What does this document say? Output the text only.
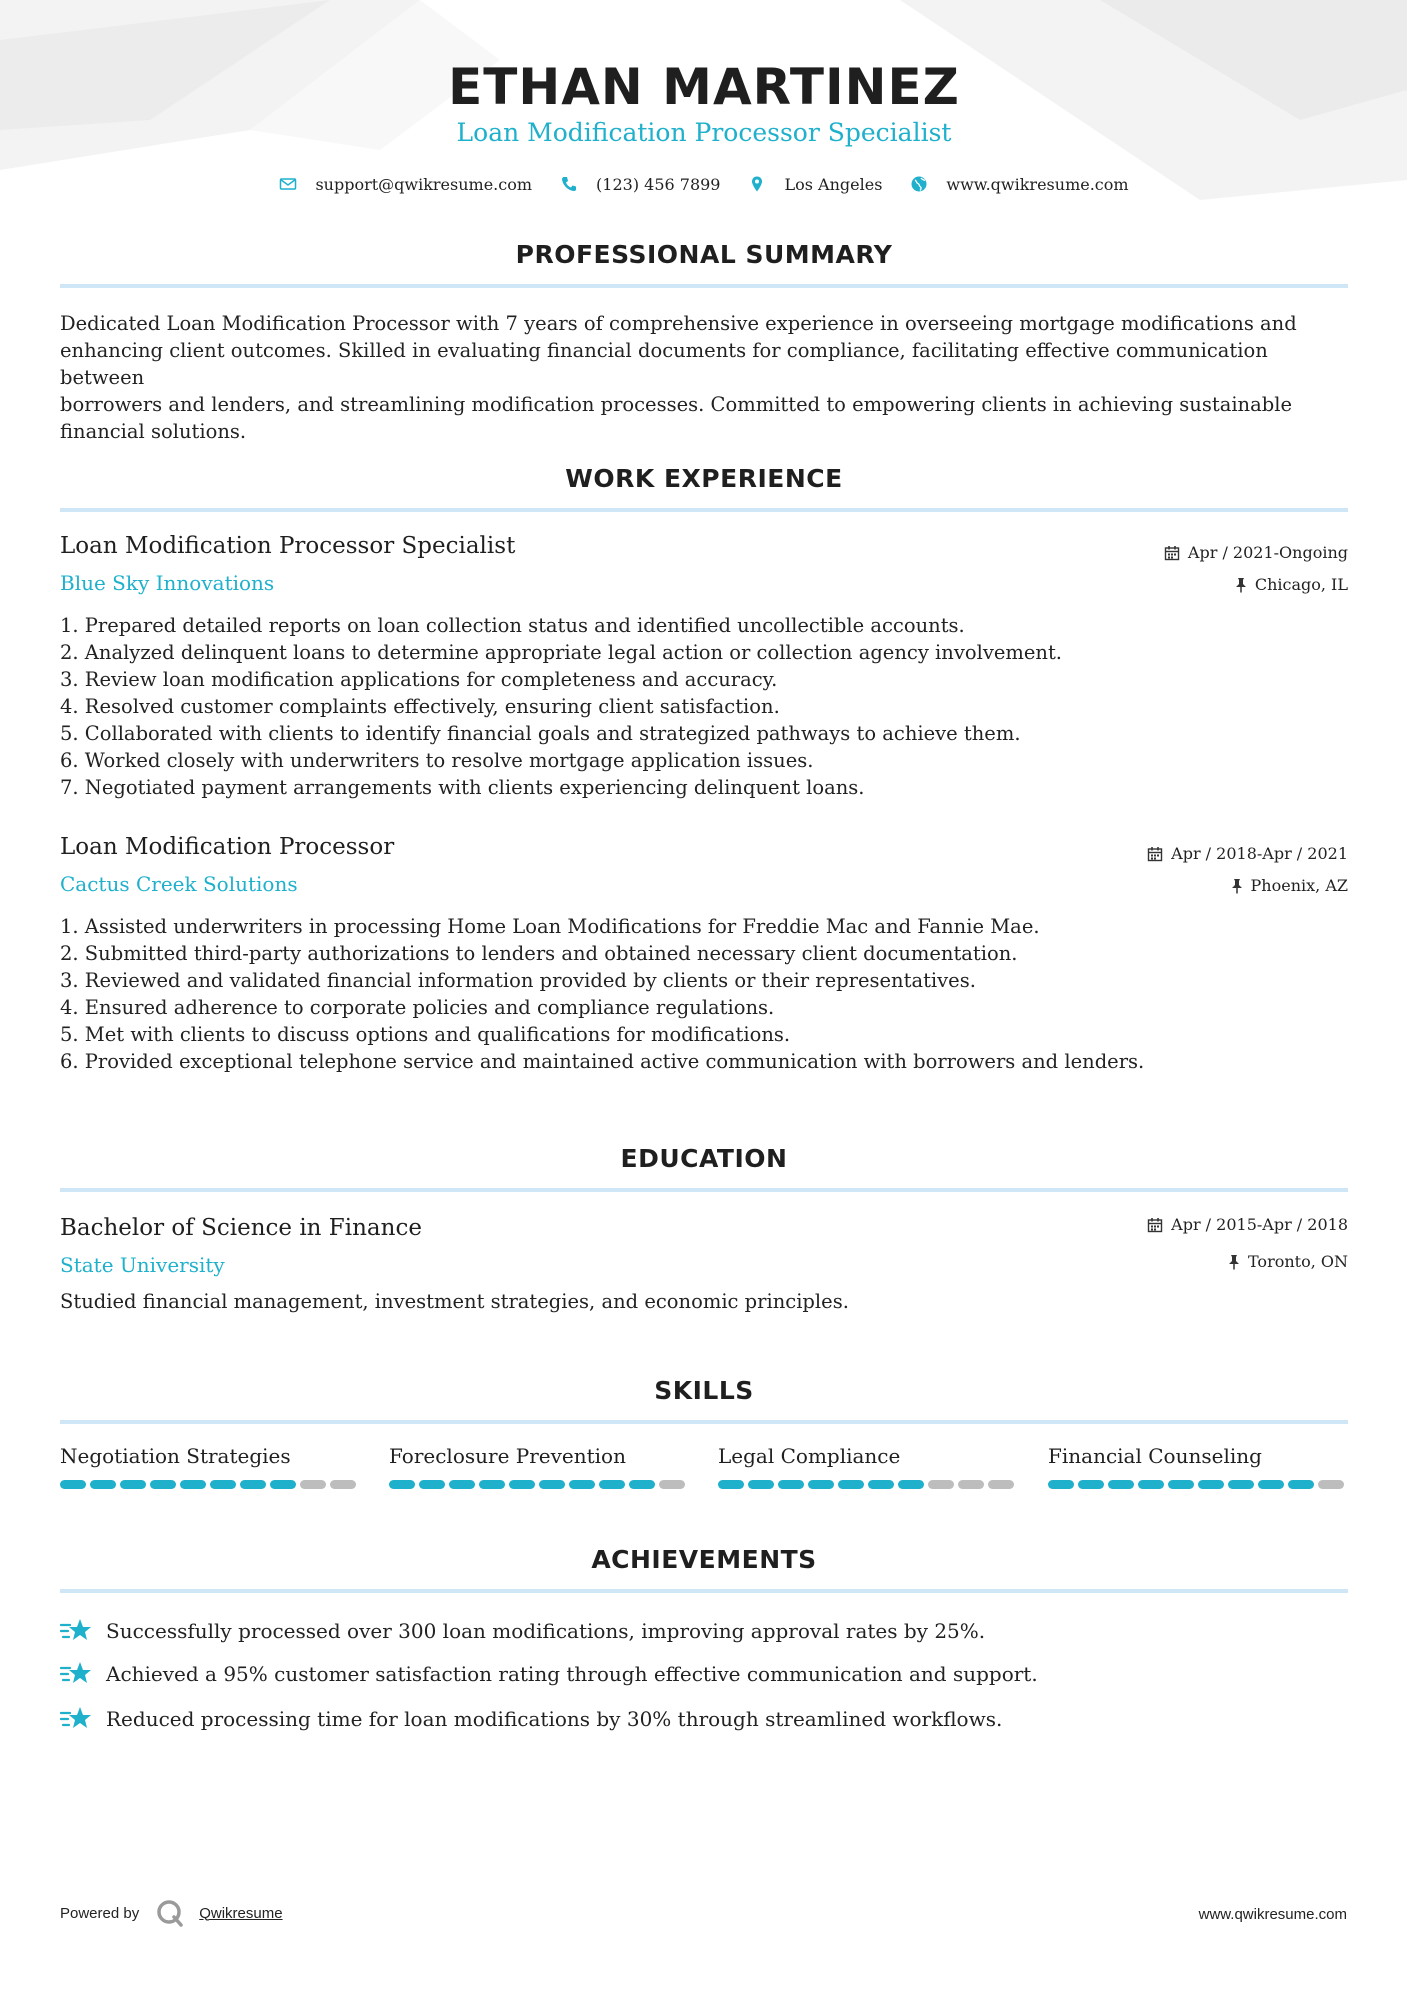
ETHAN MARTINEZ
Loan Modification Processor Specialist
support@qwikresume.com	(123) 456 7899	Los Angeles	www.qwikresume.com
PROFESSIONAL SUMMARY
Dedicated Loan Modification Processor with 7 years of comprehensive experience in overseeing mortgage modifications and
enhancing client outcomes. Skilled in evaluating financial documents for compliance, facilitating effective communication between
borrowers and lenders, and streamlining modification processes. Committed to empowering clients in achieving sustainable
financial solutions.
WORK EXPERIENCE
Loan Modification Processor Specialist
Blue Sky Innovations
Apr / 2021-Ongoing
Chicago, IL
1. Prepared detailed reports on loan collection status and identified uncollectible accounts.
2. Analyzed delinquent loans to determine appropriate legal action or collection agency involvement.
3. Review loan modification applications for completeness and accuracy.
4. Resolved customer complaints effectively, ensuring client satisfaction.
5. Collaborated with clients to identify financial goals and strategized pathways to achieve them.
6. Worked closely with underwriters to resolve mortgage application issues.
7. Negotiated payment arrangements with clients experiencing delinquent loans.
Loan Modification Processor
Cactus Creek Solutions
Apr / 2018-Apr / 2021
Phoenix, AZ
1. Assisted underwriters in processing Home Loan Modifications for Freddie Mac and Fannie Mae.
2. Submitted third-party authorizations to lenders and obtained necessary client documentation.
3. Reviewed and validated financial information provided by clients or their representatives.
4. Ensured adherence to corporate policies and compliance regulations.
5. Met with clients to discuss options and qualifications for modifications.
6. Provided exceptional telephone service and maintained active communication with borrowers and lenders.
EDUCATION
Bachelor of Science in Finance
State University
Apr / 2015-Apr / 2018
Toronto, ON
Studied financial management, investment strategies, and economic principles.
SKILLS
Negotiation Strategies	Foreclosure Prevention	Legal Compliance	Financial Counseling
ACHIEVEMENTS
Successfully processed over 300 loan modifications, improving approval rates by 25%.
Achieved a 95% customer satisfaction rating through effective communication and support.
Reduced processing time for loan modifications by 30% through streamlined workflows.
Powered by	Qwikresume	www.qwikresume.com
